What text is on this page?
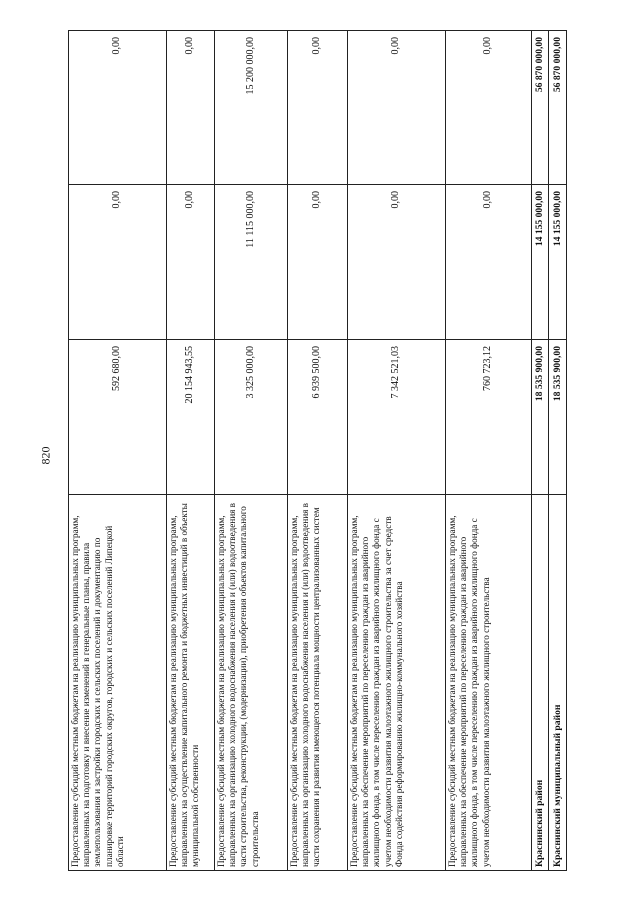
820
Предоставление субсидий местным бюджетам на реализацию муниципальных программ, направленных на подготовку и внесение изменений в генеральные планы, правила землепользования и застройки городских и сельских поселений и документацию по планировке территорий городских округов, городских и сельских поселений Липецкой области	592 680,00	0,00	0,00
Предоставление субсидий местным бюджетам на реализацию муниципальных программ, направленных на осуществление капитального ремонта и бюджетных инвестиций в объекты муниципальной собственности	20 154 943,55	0,00	0,00
Предоставление субсидий местным бюджетам на реализацию муниципальных программ, направленных на организацию холодного водоснабжения населения и (или) водоотведения в части строительства, реконструкции, (модернизации), приобретения объектов капитального строительства	3 325 000,00	11 115 000,00	15 200 000,00
Предоставление субсидий местным бюджетам на реализацию муниципальных программ, направленных на организацию холодного водоснабжения населения и (или) водоотведения в части сохранения и развития имеющегося потенциала мощности централизованных систем	6 939 500,00	0,00	0,00
Предоставление субсидий местным бюджетам на реализацию муниципальных программ, направленных на обеспечение мероприятий по переселению граждан из аварийного жилищного фонда, в том числе переселению граждан из аварийного жилищного фонда с учетом необходимости развития малоэтажного жилищного строительства за счет средств Фонда содействия реформированию жилищно-коммунального хозяйства	7 342 521,03	0,00	0,00
Предоставление субсидий местным бюджетам на реализацию муниципальных программ, направленных на обеспечение мероприятий по переселению граждан из аварийного жилищного фонда, в том числе переселению граждан из аварийного жилищного фонда с учетом необходимости развития малоэтажного жилищного строительства	760 723,12	0,00	0,00
Краснинский район	18 535 900,00	14 155 000,00	56 870 000,00
Краснинский муниципальный район	18 535 900,00	14 155 000,00	56 870 000,00
